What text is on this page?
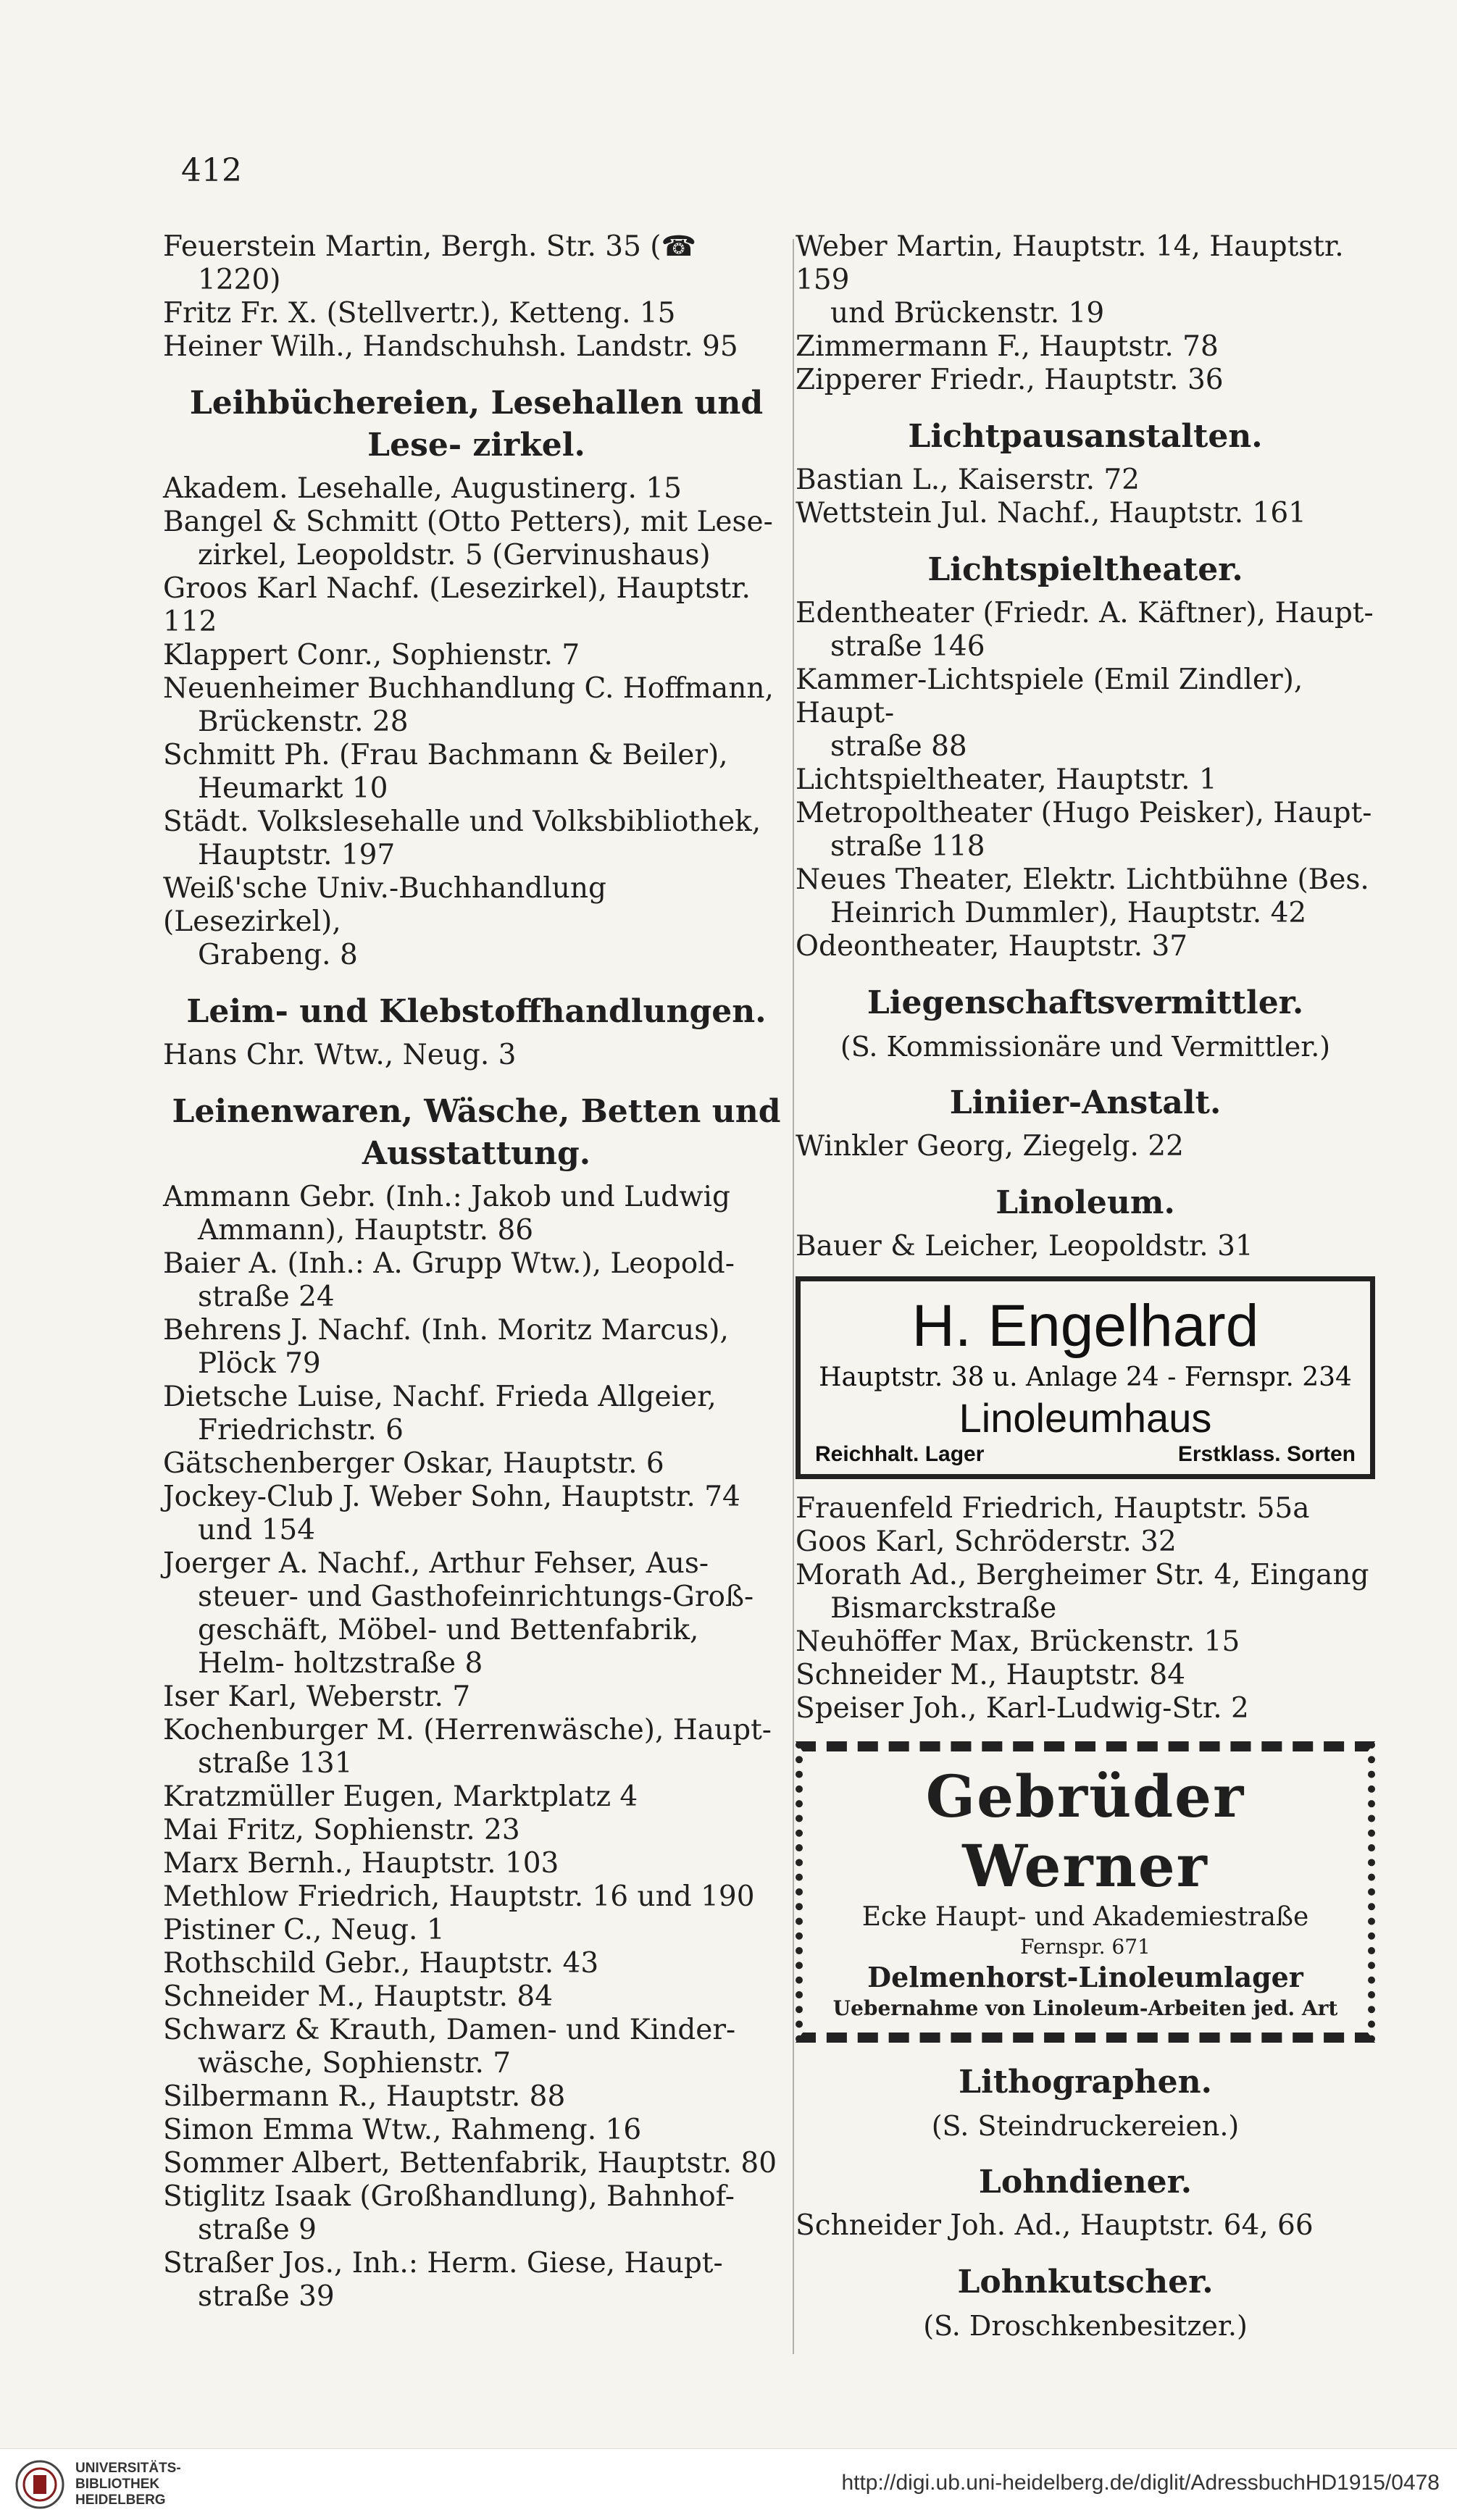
412
Feuerstein Martin, Bergh. Str. 35 (☎
1220)
Fritz Fr. X. (Stellvertr.), Ketteng. 15
Heiner Wilh., Handschuhsh. Landstr. 95
Leihbüchereien, Lesehallen und Lese- zirkel.
Akadem. Lesehalle, Augustinerg. 15
Bangel & Schmitt (Otto Petters), mit Lese-
zirkel, Leopoldstr. 5 (Gervinushaus)
Groos Karl Nachf. (Lesezirkel), Hauptstr. 112
Klappert Conr., Sophienstr. 7
Neuenheimer Buchhandlung C. Hoffmann,
Brückenstr. 28
Schmitt Ph. (Frau Bachmann & Beiler),
Heumarkt 10
Städt. Volkslesehalle und Volksbibliothek,
Hauptstr. 197
Weiß'sche Univ.-Buchhandlung (Lesezirkel),
Grabeng. 8
Leim- und Klebstoffhandlungen.
Hans Chr. Wtw., Neug. 3
Leinenwaren, Wäsche, Betten und Ausstattung.
Ammann Gebr. (Inh.: Jakob und Ludwig
Ammann), Hauptstr. 86
Baier A. (Inh.: A. Grupp Wtw.), Leopold-
straße 24
Behrens J. Nachf. (Inh. Moritz Marcus),
Plöck 79
Dietsche Luise, Nachf. Frieda Allgeier,
Friedrichstr. 6
Gätschenberger Oskar, Hauptstr. 6
Jockey-Club J. Weber Sohn, Hauptstr. 74
und 154
Joerger A. Nachf., Arthur Fehser, Aus-
steuer- und Gasthofeinrichtungs-Groß- geschäft, Möbel- und Bettenfabrik, Helm- holtzstraße 8
Iser Karl, Weberstr. 7
Kochenburger M. (Herrenwäsche), Haupt-
straße 131
Kratzmüller Eugen, Marktplatz 4
Mai Fritz, Sophienstr. 23
Marx Bernh., Hauptstr. 103
Methlow Friedrich, Hauptstr. 16 und 190
Pistiner C., Neug. 1
Rothschild Gebr., Hauptstr. 43
Schneider M., Hauptstr. 84
Schwarz & Krauth, Damen- und Kinder-
wäsche, Sophienstr. 7
Silbermann R., Hauptstr. 88
Simon Emma Wtw., Rahmeng. 16
Sommer Albert, Bettenfabrik, Hauptstr. 80
Stiglitz Isaak (Großhandlung), Bahnhof-
straße 9
Straßer Jos., Inh.: Herm. Giese, Haupt-
straße 39
Weber Martin, Hauptstr. 14, Hauptstr. 159
und Brückenstr. 19
Zimmermann F., Hauptstr. 78
Zipperer Friedr., Hauptstr. 36
Lichtpausanstalten.
Bastian L., Kaiserstr. 72
Wettstein Jul. Nachf., Hauptstr. 161
Lichtspieltheater.
Edentheater (Friedr. A. Käftner), Haupt-
straße 146
Kammer-Lichtspiele (Emil Zindler), Haupt-
straße 88
Lichtspieltheater, Hauptstr. 1
Metropoltheater (Hugo Peisker), Haupt-
straße 118
Neues Theater, Elektr. Lichtbühne (Bes.
Heinrich Dummler), Hauptstr. 42
Odeontheater, Hauptstr. 37
Liegenschaftsvermittler.
(S. Kommissionäre und Vermittler.)
Liniier-Anstalt.
Winkler Georg, Ziegelg. 22
Linoleum.
Bauer & Leicher, Leopoldstr. 31
H. Engelhard
Hauptstr. 38 u. Anlage 24 - Fernspr. 234
Linoleumhaus
Reichhalt. Lager	Erstklass. Sorten
Frauenfeld Friedrich, Hauptstr. 55a
Goos Karl, Schröderstr. 32
Morath Ad., Bergheimer Str. 4, Eingang
Bismarckstraße
Neuhöffer Max, Brückenstr. 15
Schneider M., Hauptstr. 84
Speiser Joh., Karl-Ludwig-Str. 2
Gebrüder Werner
Ecke Haupt- und Akademiestraße
Fernspr. 671
Delmenhorst-Linoleumlager
Uebernahme von Linoleum-Arbeiten jed. Art
Lithographen.
(S. Steindruckereien.)
Lohndiener.
Schneider Joh. Ad., Hauptstr. 64, 66
Lohnkutscher.
(S. Droschkenbesitzer.)
UNIVERSITÄTS-
BIBLIOTHEK
HEIDELBERG
http://digi.ub.uni-heidelberg.de/diglit/AdressbuchHD1915/0478
